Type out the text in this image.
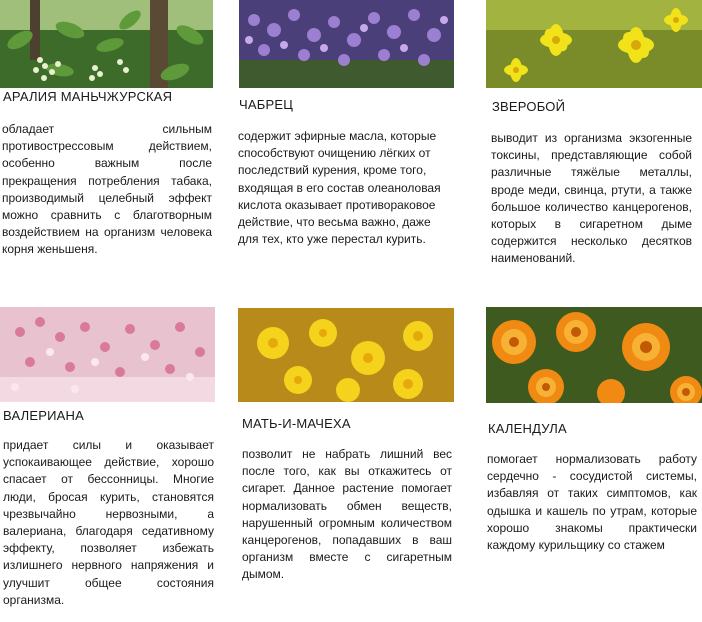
АРАЛИЯ МАНЬЧЖУРСКАЯ
обладает сильным противострессовым действием, особенно важным после прекращения потребления табака, производимый целебный эффект можно сравнить с благотворным воздействием на организм человека корня женьшеня.
ЧАБРЕЦ
содержит эфирные масла, которые способствуют очищению лёгких от последствий курения, кроме того, входящая в его состав олеаноловая кислота оказывает противораковое действие, что весьма важно, даже для тех, кто уже перестал курить.
ЗВЕРОБОЙ
выводит из организма экзогенные токсины, представляющие собой различные тяжёлые металлы, вроде меди, свинца, ртути, а также большое количество канцерогенов, которых в сигаретном дыме содержится несколько десятков наименований.
ВАЛЕРИАНА
придает силы и оказывает успокаивающее действие, хорошо спасает от бессонницы. Многие люди, бросая курить, становятся чрезвычайно нервозными, а валериана, благодаря седативному эффекту, позволяет избежать излишнего нервного напряжения и улучшит общее состояния организма.
МАТЬ-И-МАЧЕХА
позволит не набрать лишний вес после того, как вы откажитесь от сигарет. Данное растение помогает нормализовать обмен веществ, нарушенный огромным количеством канцерогенов, попадавших в ваш организм вместе с сигаретным дымом.
КАЛЕНДУЛА
помогает нормализовать работу сердечно - сосудистой системы, избавляя от таких симптомов, как одышка и кашель по утрам, которые хорошо знакомы практически каждому курильщику со стажем
